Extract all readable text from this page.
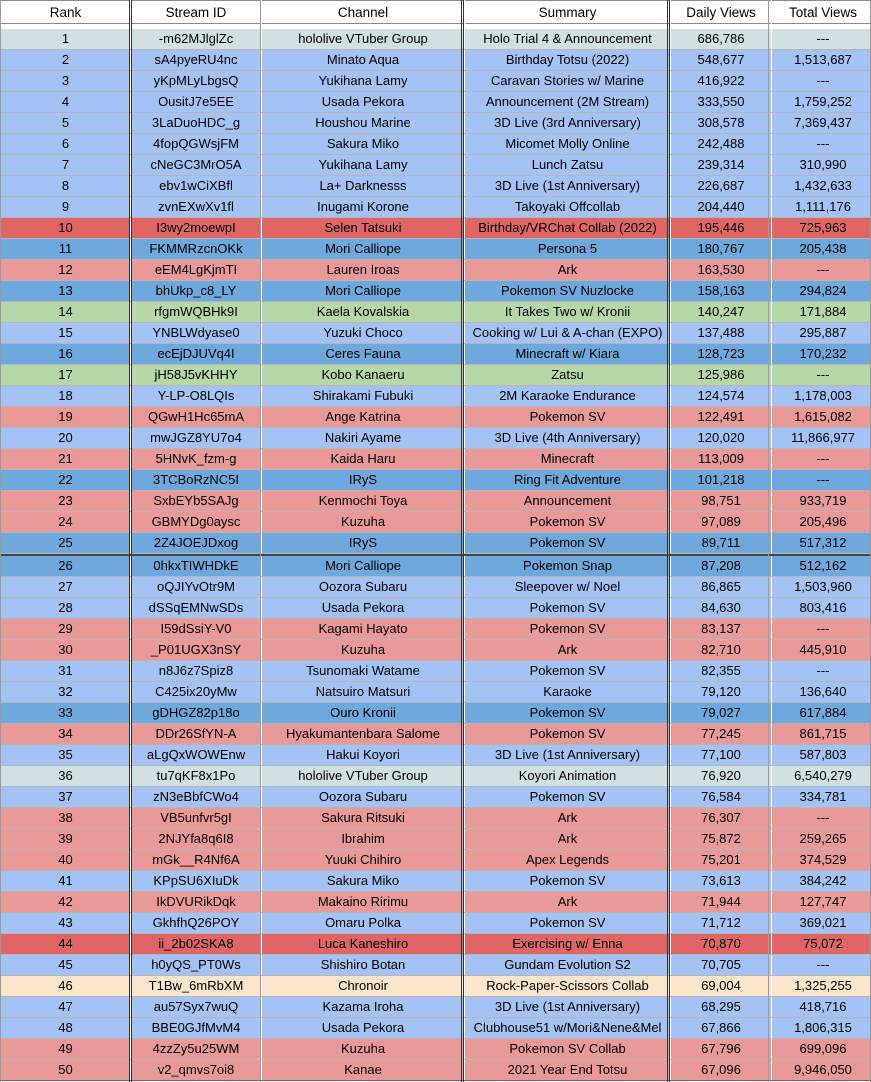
Rank	Stream ID	Channel	Summary	Daily Views	Total Views
1	-m62MJlglZc	hololive VTuber Group	Holo Trial 4 & Announcement	686,786	---
2	sA4pyeRU4nc	Minato Aqua	Birthday Totsu (2022)	548,677	1,513,687
3	yKpMLyLbgsQ	Yukihana Lamy	Caravan Stories w/ Marine	416,922	---
4	OusitJ7e5EE	Usada Pekora	Announcement (2M Stream)	333,550	1,759,252
5	3LaDuoHDC_g	Houshou Marine	3D Live (3rd Anniversary)	308,578	7,369,437
6	4fopQGWsjFM	Sakura Miko	Micomet Molly Online	242,488	---
7	cNeGC3MrO5A	Yukihana Lamy	Lunch Zatsu	239,314	310,990
8	ebv1wCiXBfl	La+ Darknesss	3D Live (1st Anniversary)	226,687	1,432,633
9	zvnEXwXv1fl	Inugami Korone	Takoyaki Offcollab	204,440	1,111,176
10	I3wy2moewpI	Selen Tatsuki	Birthday/VRChat Collab (2022)	195,446	725,963
11	FKMMRzcnOKk	Mori Calliope	Persona 5	180,767	205,438
12	eEM4LgKjmTI	Lauren Iroas	Ark	163,530	---
13	bhUkp_c8_LY	Mori Calliope	Pokemon SV Nuzlocke	158,163	294,824
14	rfgmWQBHk9I	Kaela Kovalskia	It Takes Two w/ Kronii	140,247	171,884
15	YNBLWdyase0	Yuzuki Choco	Cooking w/ Lui & A-chan (EXPO)	137,488	295,887
16	ecEjDJUVq4I	Ceres Fauna	Minecraft w/ Kiara	128,723	170,232
17	jH58J5vKHHY	Kobo Kanaeru	Zatsu	125,986	---
18	Y-LP-O8LQIs	Shirakami Fubuki	2M Karaoke Endurance	124,574	1,178,003
19	QGwH1Hc65mA	Ange Katrina	Pokemon SV	122,491	1,615,082
20	mwJGZ8YU7o4	Nakiri Ayame	3D Live (4th Anniversary)	120,020	11,866,977
21	5HNvK_fzm-g	Kaida Haru	Minecraft	113,009	---
22	3TCBoRzNC5I	IRyS	Ring Fit Adventure	101,218	---
23	SxbEYb5SAJg	Kenmochi Toya	Announcement	98,751	933,719
24	GBMYDg0aysc	Kuzuha	Pokemon SV	97,089	205,496
25	2Z4JOEJDxog	IRyS	Pokemon SV	89,711	517,312
26	0hkxTIWHDkE	Mori Calliope	Pokemon Snap	87,208	512,162
27	oQJIYvOtr9M	Oozora Subaru	Sleepover w/ Noel	86,865	1,503,960
28	dSSqEMNwSDs	Usada Pekora	Pokemon SV	84,630	803,416
29	I59dSsiY-V0	Kagami Hayato	Pokemon SV	83,137	---
30	_P01UGX3nSY	Kuzuha	Ark	82,710	445,910
31	n8J6z7Spiz8	Tsunomaki Watame	Pokemon SV	82,355	---
32	C425ix20yMw	Natsuiro Matsuri	Karaoke	79,120	136,640
33	gDHGZ82p18o	Ouro Kronii	Pokemon SV	79,027	617,884
34	DDr26SfYN-A	Hyakumantenbara Salome	Pokemon SV	77,245	861,715
35	aLgQxWOWEnw	Hakui Koyori	3D Live (1st Anniversary)	77,100	587,803
36	tu7qKF8x1Po	hololive VTuber Group	Koyori Animation	76,920	6,540,279
37	zN3eBbfCWo4	Oozora Subaru	Pokemon SV	76,584	334,781
38	VB5unfvr5gI	Sakura Ritsuki	Ark	76,307	---
39	2NJYfa8q6I8	Ibrahim	Ark	75,872	259,265
40	mGk__R4Nf6A	Yuuki Chihiro	Apex Legends	75,201	374,529
41	KPpSU6XIuDk	Sakura Miko	Pokemon SV	73,613	384,242
42	IkDVURikDqk	Makaino Ririmu	Ark	71,944	127,747
43	GkhfhQ26POY	Omaru Polka	Pokemon SV	71,712	369,021
44	ii_2b02SKA8	Luca Kaneshiro	Exercising w/ Enna	70,870	75,072
45	h0yQS_PT0Ws	Shishiro Botan	Gundam Evolution S2	70,705	---
46	T1Bw_6mRbXM	Chronoir	Rock-Paper-Scissors Collab	69,004	1,325,255
47	au57Syx7wuQ	Kazama Iroha	3D Live (1st Anniversary)	68,295	418,716
48	BBE0GJfMvM4	Usada Pekora	Clubhouse51 w/Mori&Nene&Mel	67,866	1,806,315
49	4zzZy5u25WM	Kuzuha	Pokemon SV Collab	67,796	699,096
50	v2_qmvs7oi8	Kanae	2021 Year End Totsu	67,096	9,946,050
